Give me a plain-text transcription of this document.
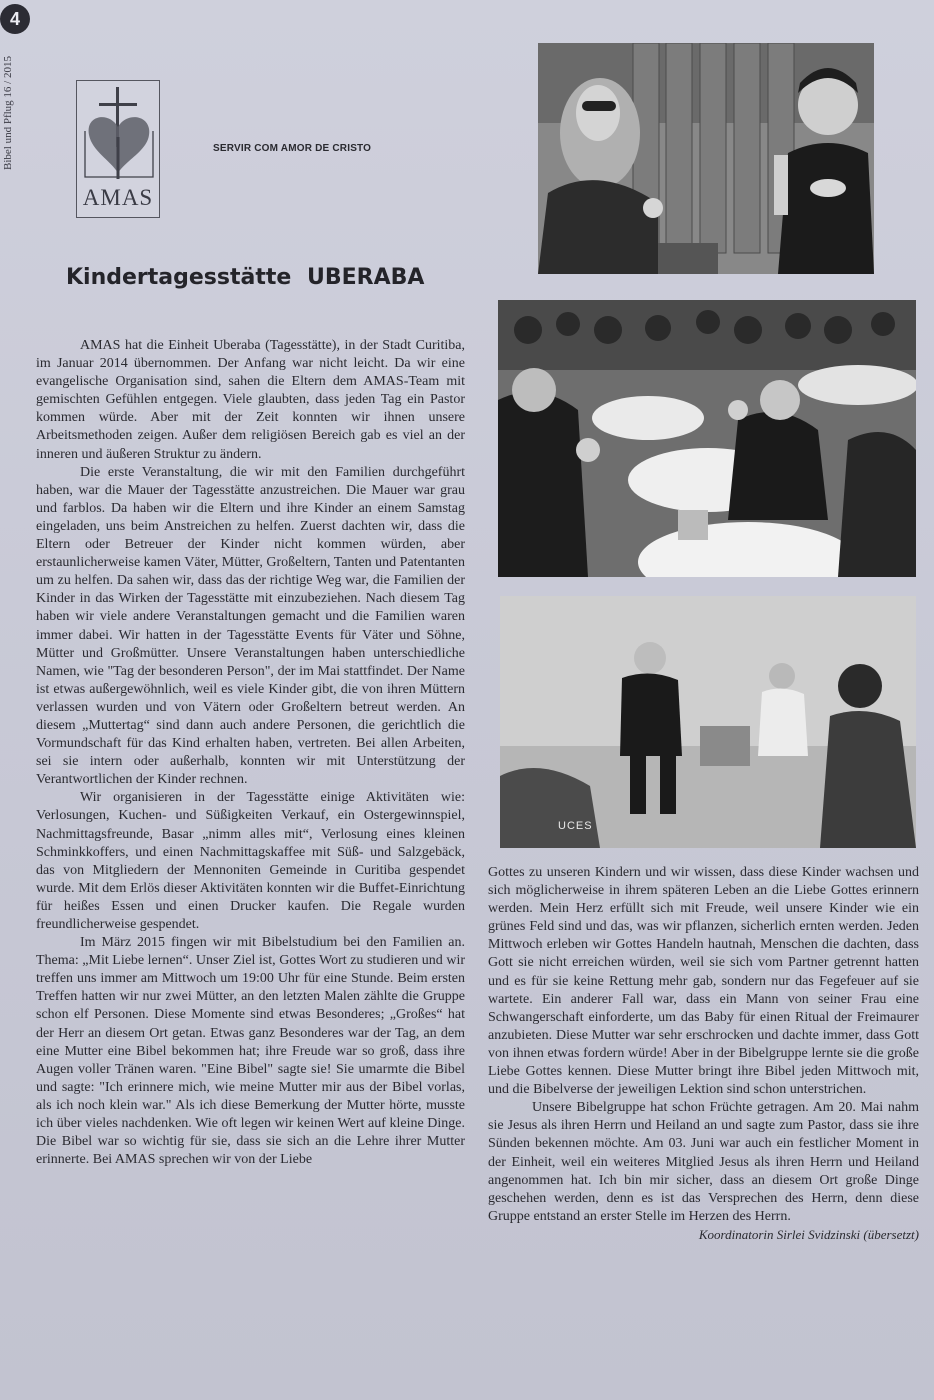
4
Bibel und Pflug 16 / 2015
AMAS
SERVIR COM AMOR DE CRISTO
Kindertagesstätte UBERABA
UCES

AMAS hat die Einheit Uberaba (Tagesstätte), in der Stadt Curitiba, im Januar 2014 übernommen. Der Anfang war nicht leicht. Da wir eine evangelische Organisation sind, sahen die Eltern dem AMAS-Team mit gemischten Gefühlen entgegen. Viele glaubten, dass jeden Tag ein Pastor kommen würde. Aber mit der Zeit konnten wir ihnen unsere Arbeitsmethoden zeigen. Außer dem religiösen Bereich gab es viel an der inneren und äußeren Struktur zu ändern.

Die erste Veranstaltung, die wir mit den Familien durchgeführt haben, war die Mauer der Tagesstätte anzustreichen. Die Mauer war grau und farblos. Da haben wir die Eltern und ihre Kinder an einem Samstag eingeladen, uns beim Anstreichen zu helfen. Zuerst dachten wir, dass die Eltern oder Betreuer der Kinder nicht kommen würden, aber erstaunlicherweise kamen Väter, Mütter, Großeltern, Tanten und Patentanten um zu helfen. Da sahen wir, dass das der richtige Weg war, die Familien der Kinder in das Wirken der Tagesstätte mit einzubeziehen. Nach diesem Tag haben wir viele andere Veranstaltungen gemacht und die Familien waren immer dabei. Wir hatten in der Tagesstätte Events für Väter und Söhne, Mütter und Großmütter. Unsere Veranstaltungen haben unterschiedliche Namen, wie "Tag der besonderen Person", der im Mai stattfindet. Der Name ist etwas außergewöhnlich, weil es viele Kinder gibt, die von ihren Müttern verlassen wurden und von Vätern oder Großeltern betreut werden. An diesem „Muttertag“ sind dann auch andere Personen, die gerichtlich die Vormundschaft für das Kind erhalten haben, vertreten. Bei allen Arbeiten, sei sie intern oder außerhalb, konnten wir mit Unterstützung der Verantwortlichen der Kinder rechnen.

Wir organisieren in der Tagesstätte einige Aktivitäten wie: Verlosungen, Kuchen- und Süßigkeiten Verkauf, ein Ostergewinnspiel, Nachmittagsfreunde, Basar „nimm alles mit“, Verlosung eines kleinen Schminkkoffers, und einen Nachmittagskaffee mit Süß- und Salzgebäck, das von Mitgliedern der Mennoniten Gemeinde in Curitiba gespendet wurde. Mit dem Erlös dieser Aktivitäten konnten wir die Buffet-Einrichtung für heißes Essen und einen Drucker kaufen. Die Regale wurden freundlicherweise gespendet.

Im März 2015 fingen wir mit Bibelstudium bei den Familien an. Thema: „Mit Liebe lernen“. Unser Ziel ist, Gottes Wort zu studieren und wir treffen uns immer am Mittwoch um 19:00 Uhr für eine Stunde. Beim ersten Treffen hatten wir nur zwei Mütter, an den letzten Malen zählte die Gruppe schon elf Personen. Diese Momente sind etwas Besonderes; „Großes“ hat der Herr an diesem Ort getan. Etwas ganz Besonderes war der Tag, an dem eine Mutter eine Bibel bekommen hat; ihre Freude war so groß, dass ihre Augen voller Tränen waren. "Eine Bibel" sagte sie! Sie umarmte die Bibel und sagte: "Ich erinnere mich, wie meine Mutter mir aus der Bibel vorlas, als ich noch klein war." Als ich diese Bemerkung der Mutter hörte, musste ich über vieles nachdenken. Wie oft legen wir keinen Wert auf kleine Dinge. Die Bibel war so wichtig für sie, dass sie sich an die Lehre ihrer Mutter erinnerte. Bei AMAS sprechen wir von der Liebe

Gottes zu unseren Kindern und wir wissen, dass diese Kinder wachsen und sich möglicherweise in ihrem späteren Leben an die Liebe Gottes erinnern werden. Mein Herz erfüllt sich mit Freude, weil unsere Kinder wie ein grünes Feld sind und das, was wir pflanzen, sicherlich ernten werden. Jeden Mittwoch erleben wir Gottes Handeln hautnah, Menschen die dachten, dass Gott sie nicht erreichen würden, weil sie sich vom Partner getrennt hatten und es für sie keine Rettung mehr gab, sondern nur das Fegefeuer auf sie wartete. Ein anderer Fall war, dass ein Mann von seiner Frau eine Schwangerschaft einforderte, um das Baby für einen Ritual der Freimaurer anzubieten. Diese Mutter war sehr erschrocken und dachte immer, dass Gott von ihnen etwas fordern würde! Aber in der Bibelgruppe lernte sie die große Liebe Gottes kennen. Diese Mutter bringt ihre Bibel jeden Mittwoch mit, und die Bibelverse der jeweiligen Lektion sind schon unterstrichen.

Unsere Bibelgruppe hat schon Früchte getragen. Am 20. Mai nahm sie Jesus als ihren Herrn und Heiland an und sagte zum Pastor, dass sie ihre Sünden bekennen möchte. Am 03. Juni war auch ein festlicher Moment in der Einheit, weil ein weiteres Mitglied Jesus als ihren Herrn und Heiland angenommen hat. Ich bin mir sicher, dass an diesem Ort große Dinge geschehen werden, denn es ist das Versprechen des Herrn, denn diese Gruppe entstand an erster Stelle im Herzen des Herrn.

Koordinatorin Sirlei Svidzinski (übersetzt)
